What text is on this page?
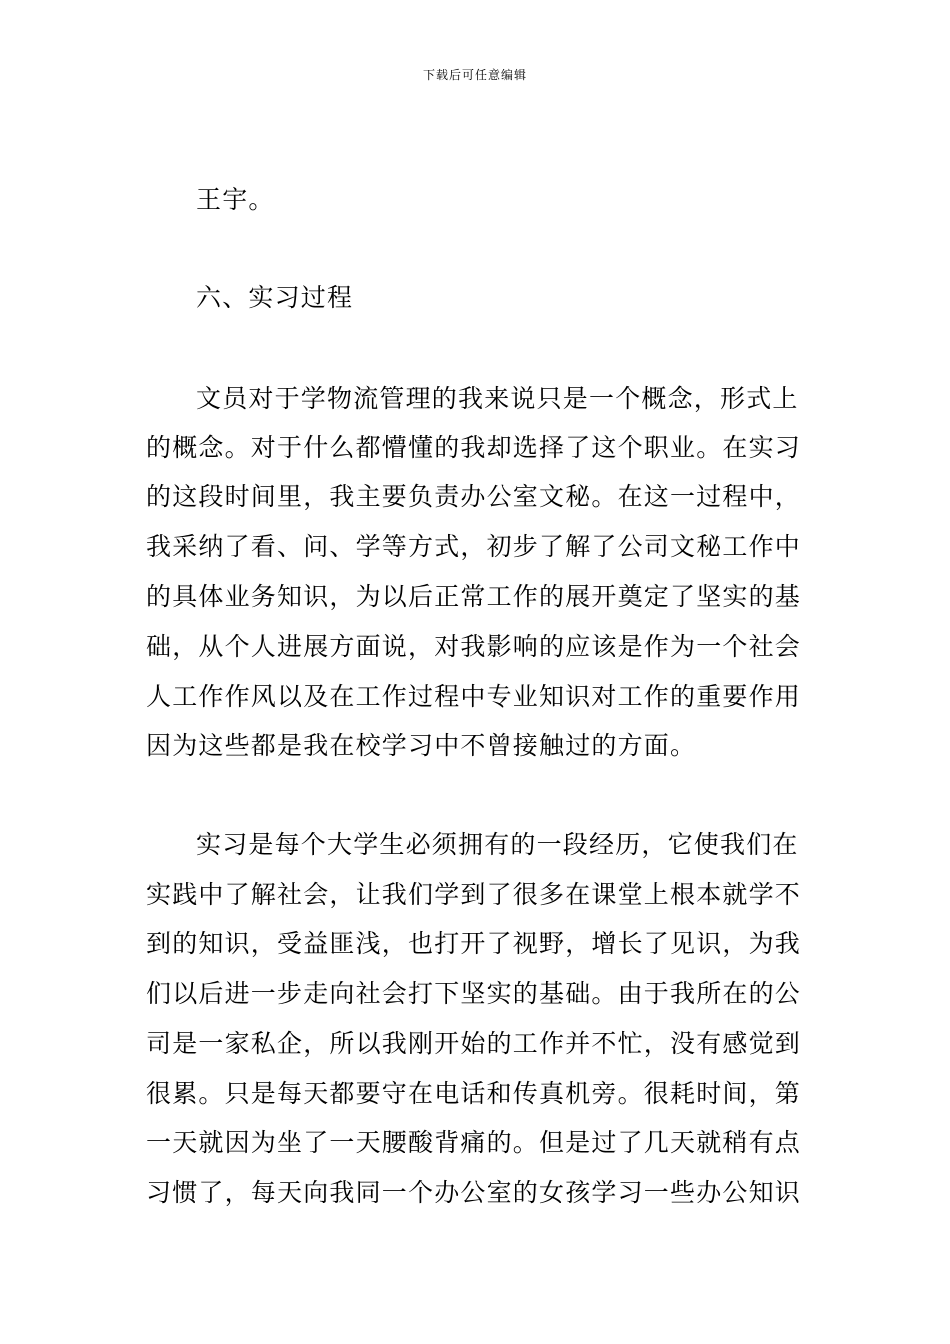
下载后可任意编辑
王宇。
六、实习过程
文员对于学物流管理的我来说只是一个概念，形式上
的概念。对于什么都懵懂的我却选择了这个职业。在实习
的这段时间里，我主要负责办公室文秘。在这一过程中，
我采纳了看、问、学等方式，初步了解了公司文秘工作中
的具体业务知识，为以后正常工作的展开奠定了坚实的基
础，从个人进展方面说，对我影响的应该是作为一个社会
人工作作风以及在工作过程中专业知识对工作的重要作用
因为这些都是我在校学习中不曾接触过的方面。
实习是每个大学生必须拥有的一段经历，它使我们在
实践中了解社会，让我们学到了很多在课堂上根本就学不
到的知识，受益匪浅，也打开了视野，增长了见识，为我
们以后进一步走向社会打下坚实的基础。由于我所在的公
司是一家私企，所以我刚开始的工作并不忙，没有感觉到
很累。只是每天都要守在电话和传真机旁。很耗时间，第
一天就因为坐了一天腰酸背痛的。但是过了几天就稍有点
习惯了，每天向我同一个办公室的女孩学习一些办公知识
